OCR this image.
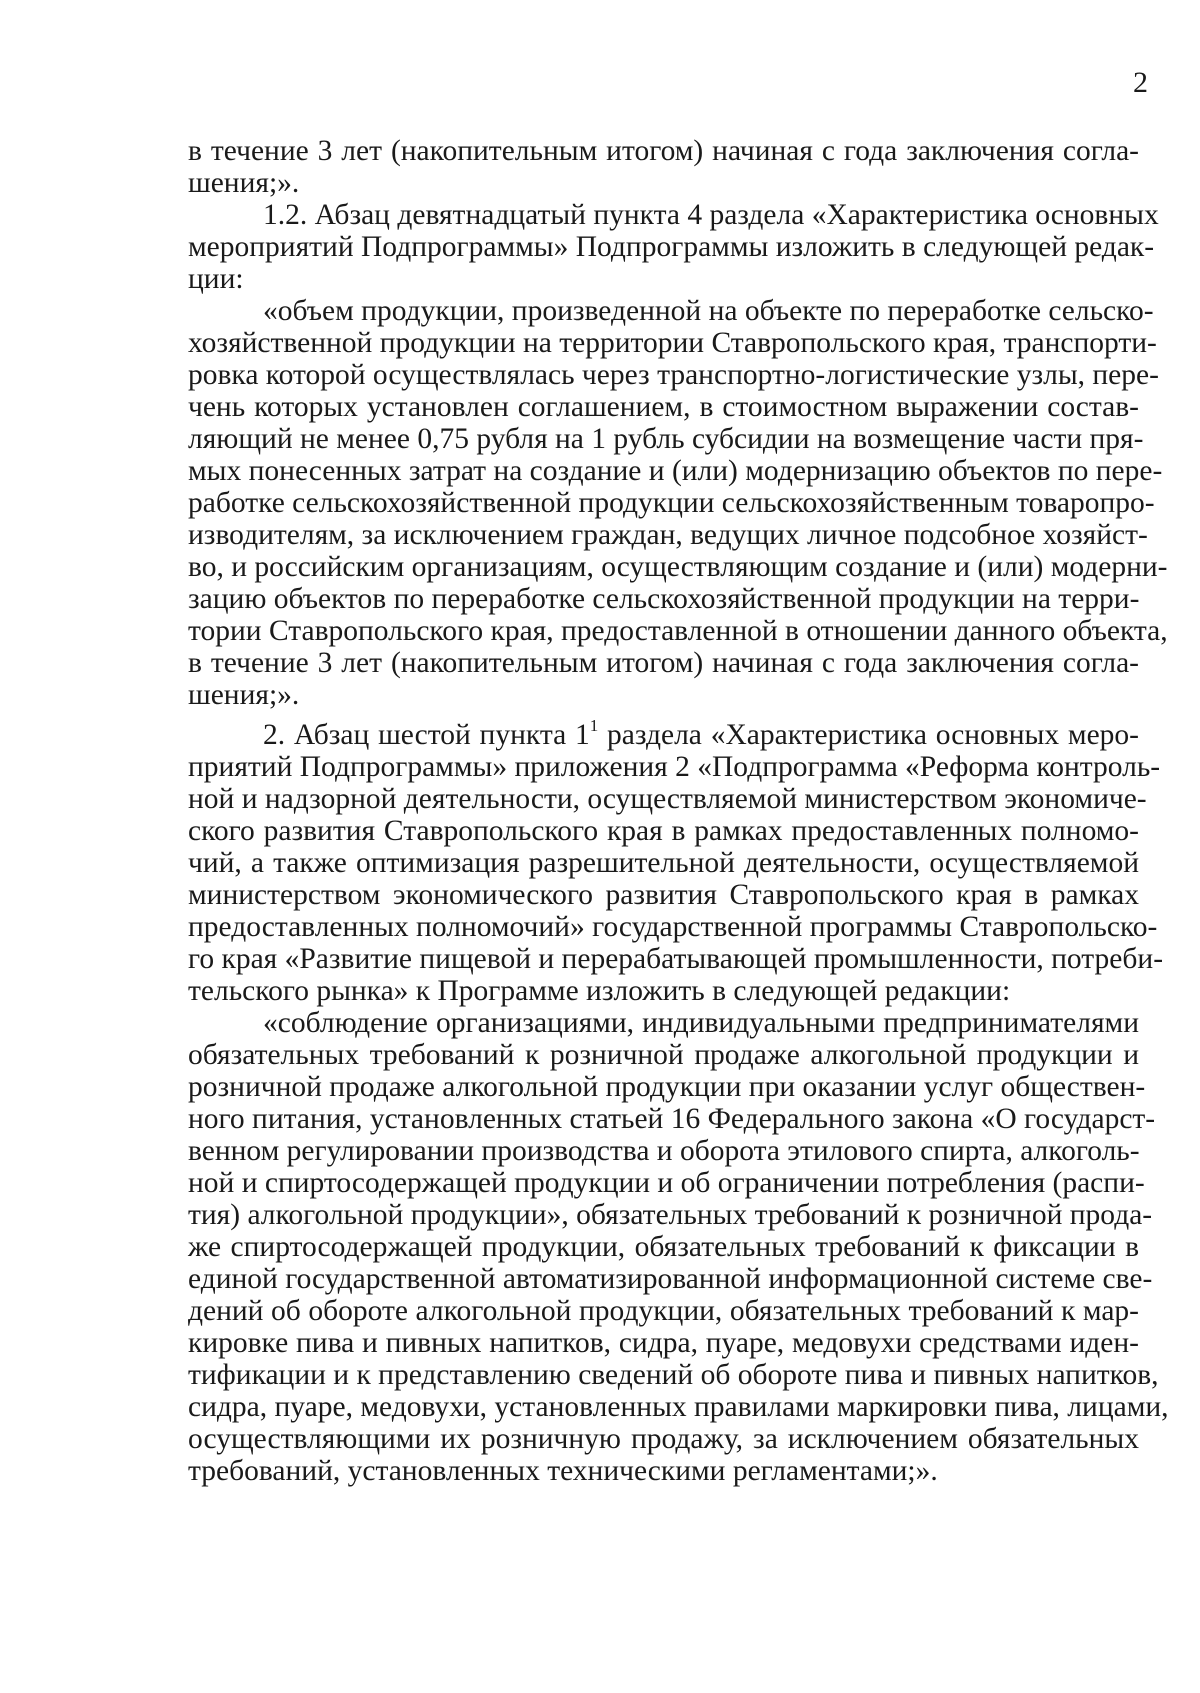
2
в течение 3 лет (накопительным итогом) начиная с года заключения согла-
шения;».
1.2. Абзац девятнадцатый пункта 4 раздела «Характеристика основных
мероприятий Подпрограммы» Подпрограммы изложить в следующей редак-
ции:
«объем продукции, произведенной на объекте по переработке сельско-
хозяйственной продукции на территории Ставропольского края, транспорти-
ровка которой осуществлялась через транспортно-логистические узлы, пере-
чень которых установлен соглашением, в стоимостном выражении состав-
ляющий не менее 0,75 рубля на 1 рубль субсидии на возмещение части пря-
мых понесенных затрат на создание и (или) модернизацию объектов по пере-
работке сельскохозяйственной продукции сельскохозяйственным товаропро-
изводителям, за исключением граждан, ведущих личное подсобное хозяйст-
во, и российским организациям, осуществляющим создание и (или) модерни-
зацию объектов по переработке сельскохозяйственной продукции на терри-
тории Ставропольского края, предоставленной в отношении данного объекта,
в течение 3 лет (накопительным итогом) начиная с года заключения согла-
шения;».
2. Абзац шестой пункта $1^1$ раздела «Характеристика основных меро-
приятий Подпрограммы» приложения 2 «Подпрограмма «Реформа контроль-
ной и надзорной деятельности, осуществляемой министерством экономиче-
ского развития Ставропольского края в рамках предоставленных полномо-
чий, а также оптимизация разрешительной деятельности, осуществляемой
министерством экономического развития Ставропольского края в рамках
предоставленных полномочий» государственной программы Ставропольско-
го края «Развитие пищевой и перерабатывающей промышленности, потреби-
тельского рынка» к Программе изложить в следующей редакции:
«соблюдение организациями, индивидуальными предпринимателями
обязательных требований к розничной продаже алкогольной продукции и
розничной продаже алкогольной продукции при оказании услуг обществен-
ного питания, установленных статьей 16 Федерального закона «О государст-
венном регулировании производства и оборота этилового спирта, алкоголь-
ной и спиртосодержащей продукции и об ограничении потребления (распи-
тия) алкогольной продукции», обязательных требований к розничной прода-
же спиртосодержащей продукции, обязательных требований к фиксации в
единой государственной автоматизированной информационной системе све-
дений об обороте алкогольной продукции, обязательных требований к мар-
кировке пива и пивных напитков, сидра, пуаре, медовухи средствами иден-
тификации и к представлению сведений об обороте пива и пивных напитков,
сидра, пуаре, медовухи, установленных правилами маркировки пива, лицами,
осуществляющими их розничную продажу, за исключением обязательных
требований, установленных техническими регламентами;».
